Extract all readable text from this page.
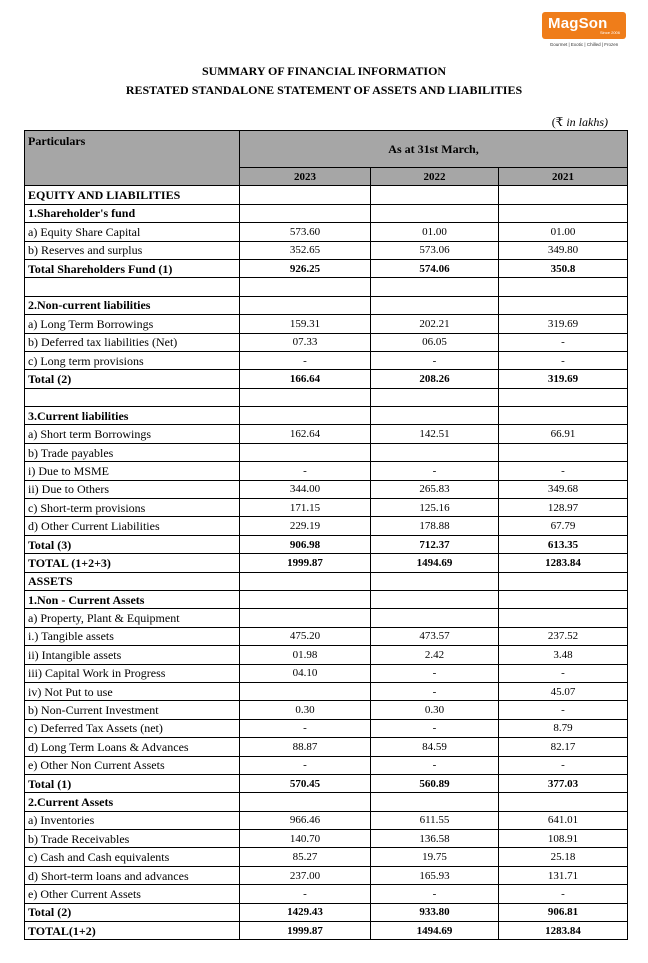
MagSon
Since 2006
Gourmet | Exotic | Chilled | Frozen
SUMMARY OF FINANCIAL INFORMATION
RESTATED STANDALONE STATEMENT OF ASSETS AND LIABILITIES
(₹ in lakhs)
Particulars	As at 31st March,		
	2023	2022	2021
EQUITY AND LIABILITIES			
1.Shareholder's fund			
a) Equity Share Capital	573.60	01.00	01.00
b) Reserves and surplus	352.65	573.06	349.80
Total Shareholders Fund (1)	926.25	574.06	350.8

2.Non-current liabilities			
a) Long Term Borrowings	159.31	202.21	319.69
b) Deferred tax liabilities (Net)	07.33	06.05	-
c) Long term provisions	-	-	-
Total (2)	166.64	208.26	319.69

3.Current liabilities			
a) Short term Borrowings	162.64	142.51	66.91
b) Trade payables			
i) Due to MSME	-	-	-
ii) Due to Others	344.00	265.83	349.68
c) Short-term provisions	171.15	125.16	128.97
d) Other Current Liabilities	229.19	178.88	67.79
Total (3)	906.98	712.37	613.35
TOTAL (1+2+3)	1999.87	1494.69	1283.84
ASSETS			
1.Non - Current Assets			
a) Property, Plant & Equipment			
i.) Tangible assets	475.20	473.57	237.52
ii) Intangible assets	01.98	2.42	3.48
iii) Capital Work in Progress	04.10	-	-
iv) Not Put to use		-	45.07
b) Non-Current Investment	0.30	0.30	-
c) Deferred Tax Assets (net)	-	-	8.79
d) Long Term Loans & Advances	88.87	84.59	82.17
e) Other Non Current Assets	-	-	-
Total (1)	570.45	560.89	377.03
2.Current Assets			
a) Inventories	966.46	611.55	641.01
b) Trade Receivables	140.70	136.58	108.91
c) Cash and Cash equivalents	85.27	19.75	25.18
d) Short-term loans and advances	237.00	165.93	131.71
e) Other Current Assets	-	-	-
Total (2)	1429.43	933.80	906.81
TOTAL(1+2)	1999.87	1494.69	1283.84
